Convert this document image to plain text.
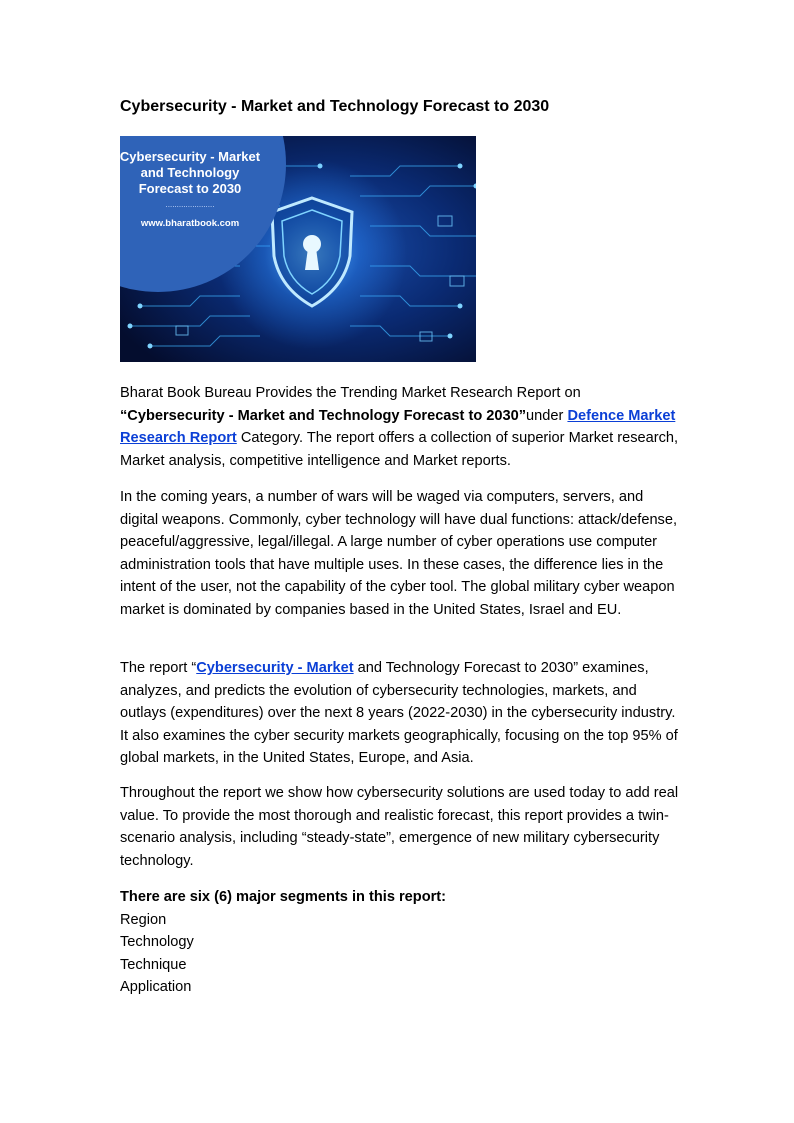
Cybersecurity - Market and Technology Forecast to 2030
Cybersecurity - Market
and Technology
Forecast to 2030
......................
www.bharatbook.com

Bharat Book Bureau Provides the Trending Market Research Report on
“Cybersecurity - Market and Technology Forecast to 2030”under Defence Market Research Report Category. The report offers a collection of superior Market research, Market analysis, competitive intelligence and Market reports.

In the coming years, a number of wars will be waged via computers, servers, and digital weapons. Commonly, cyber technology will have dual functions: attack/defense, peaceful/aggressive, legal/illegal. A large number of cyber operations use computer administration tools that have multiple uses. In these cases, the difference lies in the intent of the user, not the capability of the cyber tool. The global military cyber weapon market is dominated by companies based in the United States, Israel and EU.

The report “Cybersecurity - Market and Technology Forecast to 2030” examines, analyzes, and predicts the evolution of cybersecurity technologies, markets, and outlays (expenditures) over the next 8 years (2022-2030) in the cybersecurity industry. It also examines the cyber security markets geographically, focusing on the top 95% of global markets, in the United States, Europe, and Asia.

Throughout the report we show how cybersecurity solutions are used today to add real value. To provide the most thorough and realistic forecast, this report provides a twin-scenario analysis, including “steady-state”, emergence of new military cybersecurity technology.

There are six (6) major segments in this report:
Region
Technology
Technique
Application
